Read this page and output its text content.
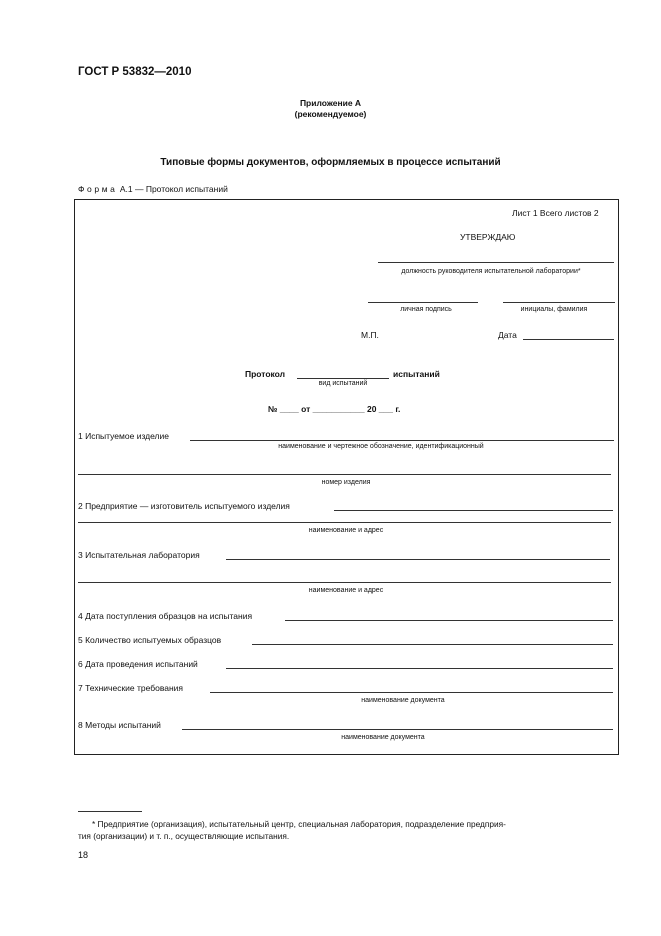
ГОСТ Р 53832—2010
Приложение А
(рекомендуемое)
Типовые формы документов, оформляемых в процессе испытаний
Форма А.1 — Протокол испытаний
Лист 1 Всего листов 2
УТВЕРЖДАЮ
должность руководителя испытательной лаборатории*
личная подпись	инициалы, фамилия
М.П.	Дата
Протокол	испытаний
вид испытаний
№ ____ от ___________ 20 ___ г.
1 Испытуемое изделие
наименование и чертежное обозначение, идентификационный
номер изделия
2 Предприятие — изготовитель испытуемого изделия
наименование и адрес
3 Испытательная лаборатория
наименование и адрес
4 Дата поступления образцов на испытания
5 Количество испытуемых образцов
6 Дата проведения испытаний
7 Технические требования
наименование документа
8 Методы испытаний
наименование документа
* Предприятие (организация), испытательный центр, специальная лаборатория, подразделение предприя-
тия (организации) и т. п., осуществляющие испытания.
18
